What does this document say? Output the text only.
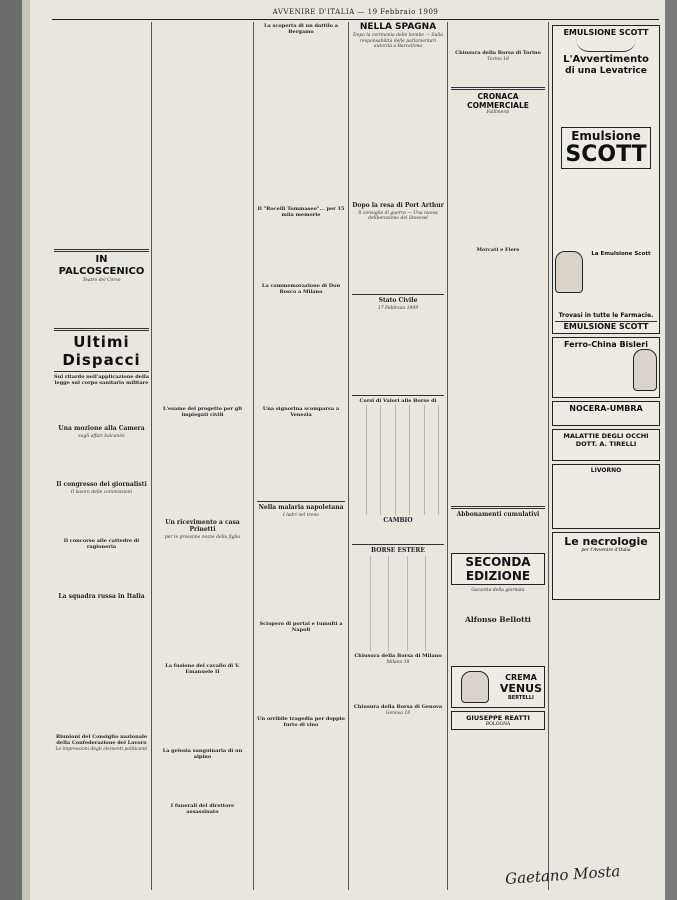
AVVENIRE D'ITALIA — 19 Febbraio 1909
IN PALCOSCENICO
Teatro del Corso
Ultimi Dispacci
Sul ritardo nell'applicazione della legge sul corpo sanitario militare
Una mozione alla Camera
sugli affari balcanici
Il congresso dei giornalisti
Il lavoro delle commissioni
Il concorso alle cattedre di ragioneria
La squadra russa in Italia
Riunioni del Consiglio nazionale della Confederazione del Lavoro
Le impressioni degli elementi politicanti
L'esame del progetto per gli impiegati civili
Un ricevimento a casa Prinetti
per le prossime nozze della figlia
La fusione del cavallo di V. Emanuele II
La gelosia sanguinaria di un alpino
I funerali del direttore assassinato
La scoperta di un dattilo a Bergamo
Il "Rocelli Tommaseo"... per 15 mila memorie
La commemorazione di Don Bosco a Milano
Una signorina scomparsa a Venezia
Nella malaria napoletana
I ladri nel treno
Sciopero di portai e tumulti a Napoli
Un orribile tragedia per doppio furto di vino
NELLA SPAGNA
Dopo la cerimonia delle bombe — Sulla responsabilità delle parlamentari autorità a Barcellona
Dopo la resa di Port Arthur
Il consiglio di guerra — Una nuova deliberazione del Stoessel
Stato Civile
17 Febbraio 1909
Corsi di Valori alle Borse di
CAMBIO
BORSE ESTERE
Chiusura della Borsa di Milano
Milano 18
Chiusura della Borsa di Genova
Genova 18
Chiusura della Borsa di Torino
Torino 18
CRONACA COMMERCIALE
Fallimenti
Mercati e Fiere
Abbonamenti cumulativi
SECONDA EDIZIONE
Gazzetta della giornata
Alfonso Bellotti
CREMA
VENUS
BERTELLI
GIUSEPPE REATTI
BOLOGNA
EMULSIONE SCOTT
L'Avvertimento
di una Levatrice
Emulsione
SCOTT
La Emulsione Scott
Trovasi in tutte le Farmacie.
EMULSIONE SCOTT
Ferro-China Bisleri
NOCERA-UMBRA
MALATTIE DEGLI OCCHI
DOTT. A. TIRELLI
LIVORNO
Le necrologie
per l'Avvenire d'Italia
Gaetano Mosta
